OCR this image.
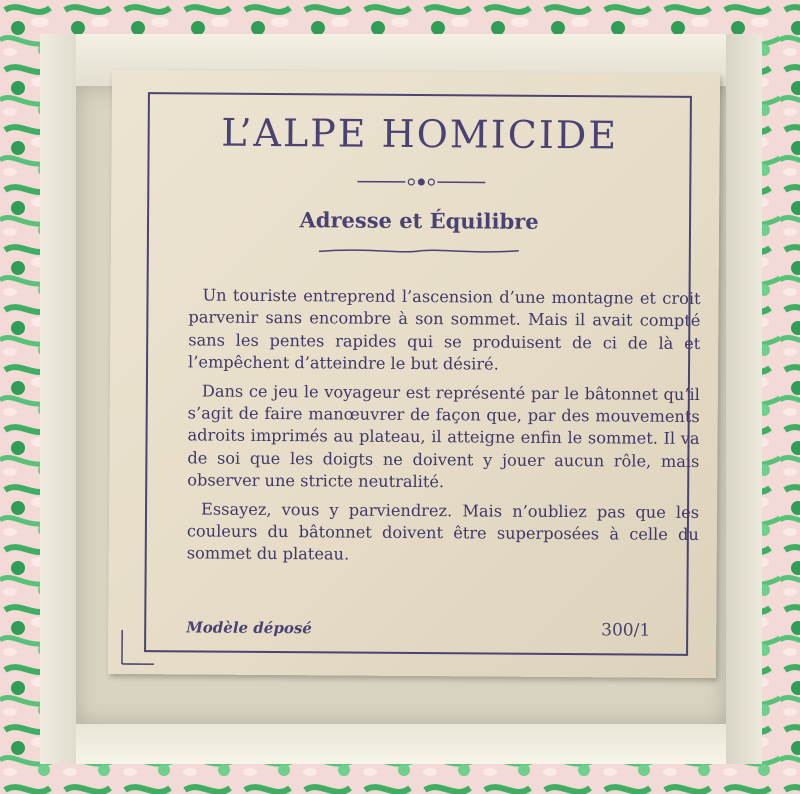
L’ALPE HOMICIDE
Adresse et Équilibre

Un touriste entreprend l’ascension d’une montagne et croit parvenir sans encombre à son sommet. Mais il avait compté sans les pentes rapides qui se produisent de ci de là et l’empêchent d’atteindre le but désiré.

Dans ce jeu le voyageur est représenté par le bâtonnet qu’il s’agit de faire manœuvrer de façon que, par des mouvements adroits imprimés au plateau, il atteigne enfin le sommet. Il va de soi que les doigts ne doivent y jouer aucun rôle, mais observer une stricte neutralité.

Essayez, vous y parviendrez. Mais n’oubliez pas que les couleurs du bâtonnet doivent être superposées à celle du sommet du plateau.

Modèle déposé	300/1
